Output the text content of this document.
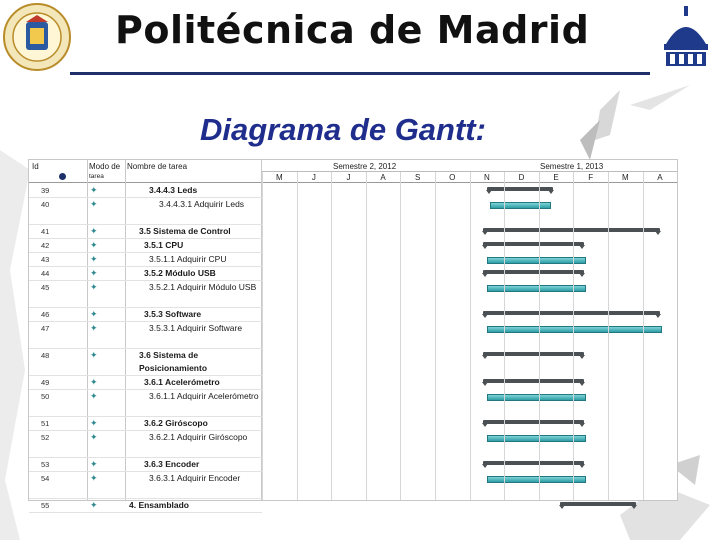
Politécnica de Madrid
Diagrama de Gantt:
Id	Modo de
tarea
Nombre de tarea	Semestre 2, 2012	Semestre 1, 2013
M	J	J	A	S	O	N	D	E	F	M	A
39	✦	3.4.4.3 Leds
40	✦	3.4.4.3.1 Adquirir Leds
41	✦	3.5 Sistema de Control
42	✦	3.5.1 CPU
43	✦	3.5.1.1 Adquirir CPU
44	✦	3.5.2 Módulo USB
45	✦	3.5.2.1 Adquirir Módulo USB
46	✦	3.5.3 Software
47	✦	3.5.3.1 Adquirir Software
48	✦	3.6 Sistema de Posicionamiento
49	✦	3.6.1 Acelerómetro
50	✦	3.6.1.1 Adquirir Acelerómetro
51	✦	3.6.2 Giróscopo
52	✦	3.6.2.1 Adquirir Giróscopo
53	✦	3.6.3 Encoder
54	✦	3.6.3.1 Adquirir Encoder
55	✦	4. Ensamblado
